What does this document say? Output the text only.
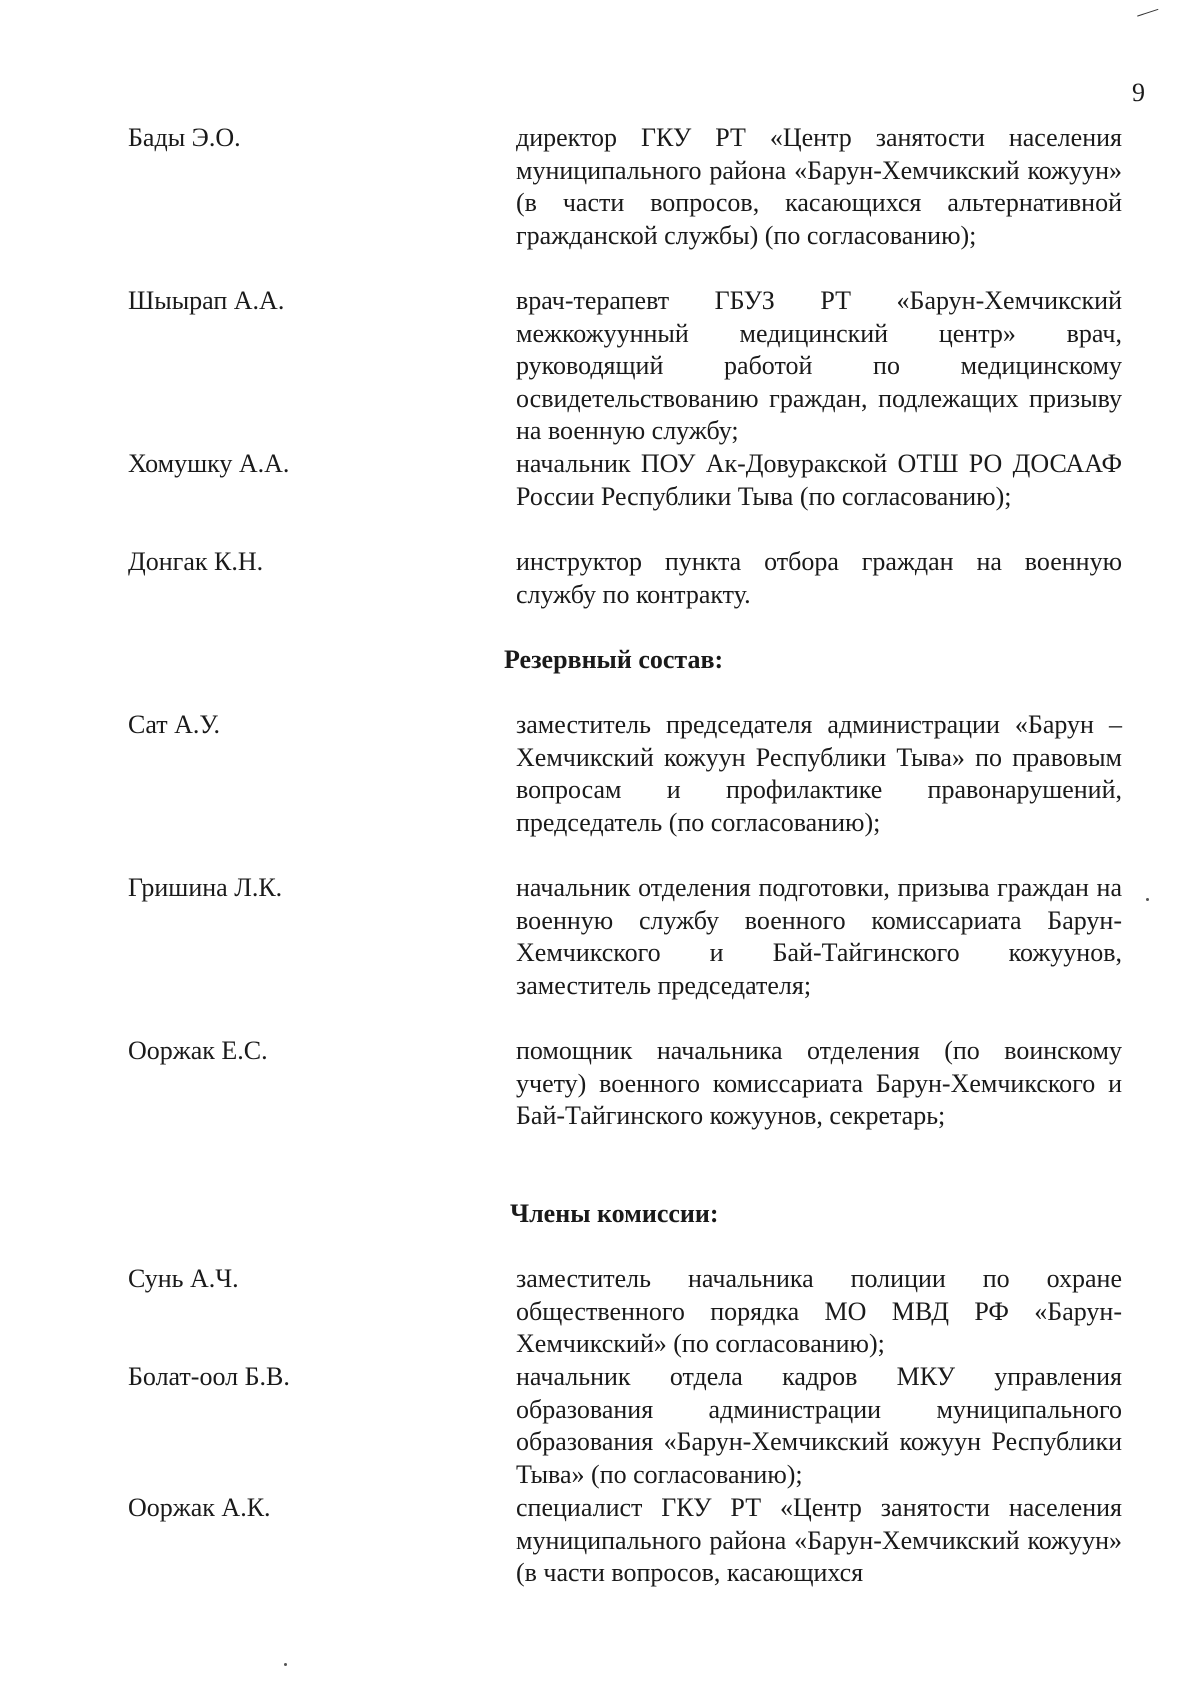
9
Бады Э.О.	директор ГКУ РТ «Центр занятости населения муниципального района «Барун-Хемчикский кожуун» (в части вопросов, касающихся альтернативной гражданской службы) (по согласованию);
Шыырап А.А.	врач-терапевт ГБУЗ РТ «Барун-Хемчикский межкожуунный медицинский центр» врач, руководящий работой по медицинскому освидетельствованию граждан, подлежащих призыву на военную службу;
Хомушку А.А.	начальник ПОУ Ак-Довуракской ОТШ РО ДОСААФ России Республики Тыва (по согласованию);
Донгак К.Н.	инструктор пункта отбора граждан на военную службу по контракту.
Резервный состав:
Сат А.У.	заместитель председателя администрации «Барун – Хемчикский кожуун Республики Тыва» по правовым вопросам и профилактике правонарушений, председатель (по согласованию);
Гришина Л.К.	начальник отделения подготовки, призыва граждан на военную службу военного комиссариата Барун-Хемчикского и Бай-Тайгинского кожуунов, заместитель председателя;
Ооржак Е.С.	помощник начальника отделения (по воинскому учету) военного комиссариата Барун-Хемчикского и Бай-Тайгинского кожуунов, секретарь;
Члены комиссии:
Сунь А.Ч.	заместитель начальника полиции по охране общественного порядка МО МВД РФ «Барун-Хемчикский» (по согласованию);
Болат-оол Б.В.	начальник отдела кадров МКУ управления образования администрации муниципального образования «Барун-Хемчикский кожуун Республики Тыва» (по согласованию);
Ооржак А.К.	специалист ГКУ РТ «Центр занятости населения муниципального района «Барун-Хемчикский кожуун» (в части вопросов, касающихся
